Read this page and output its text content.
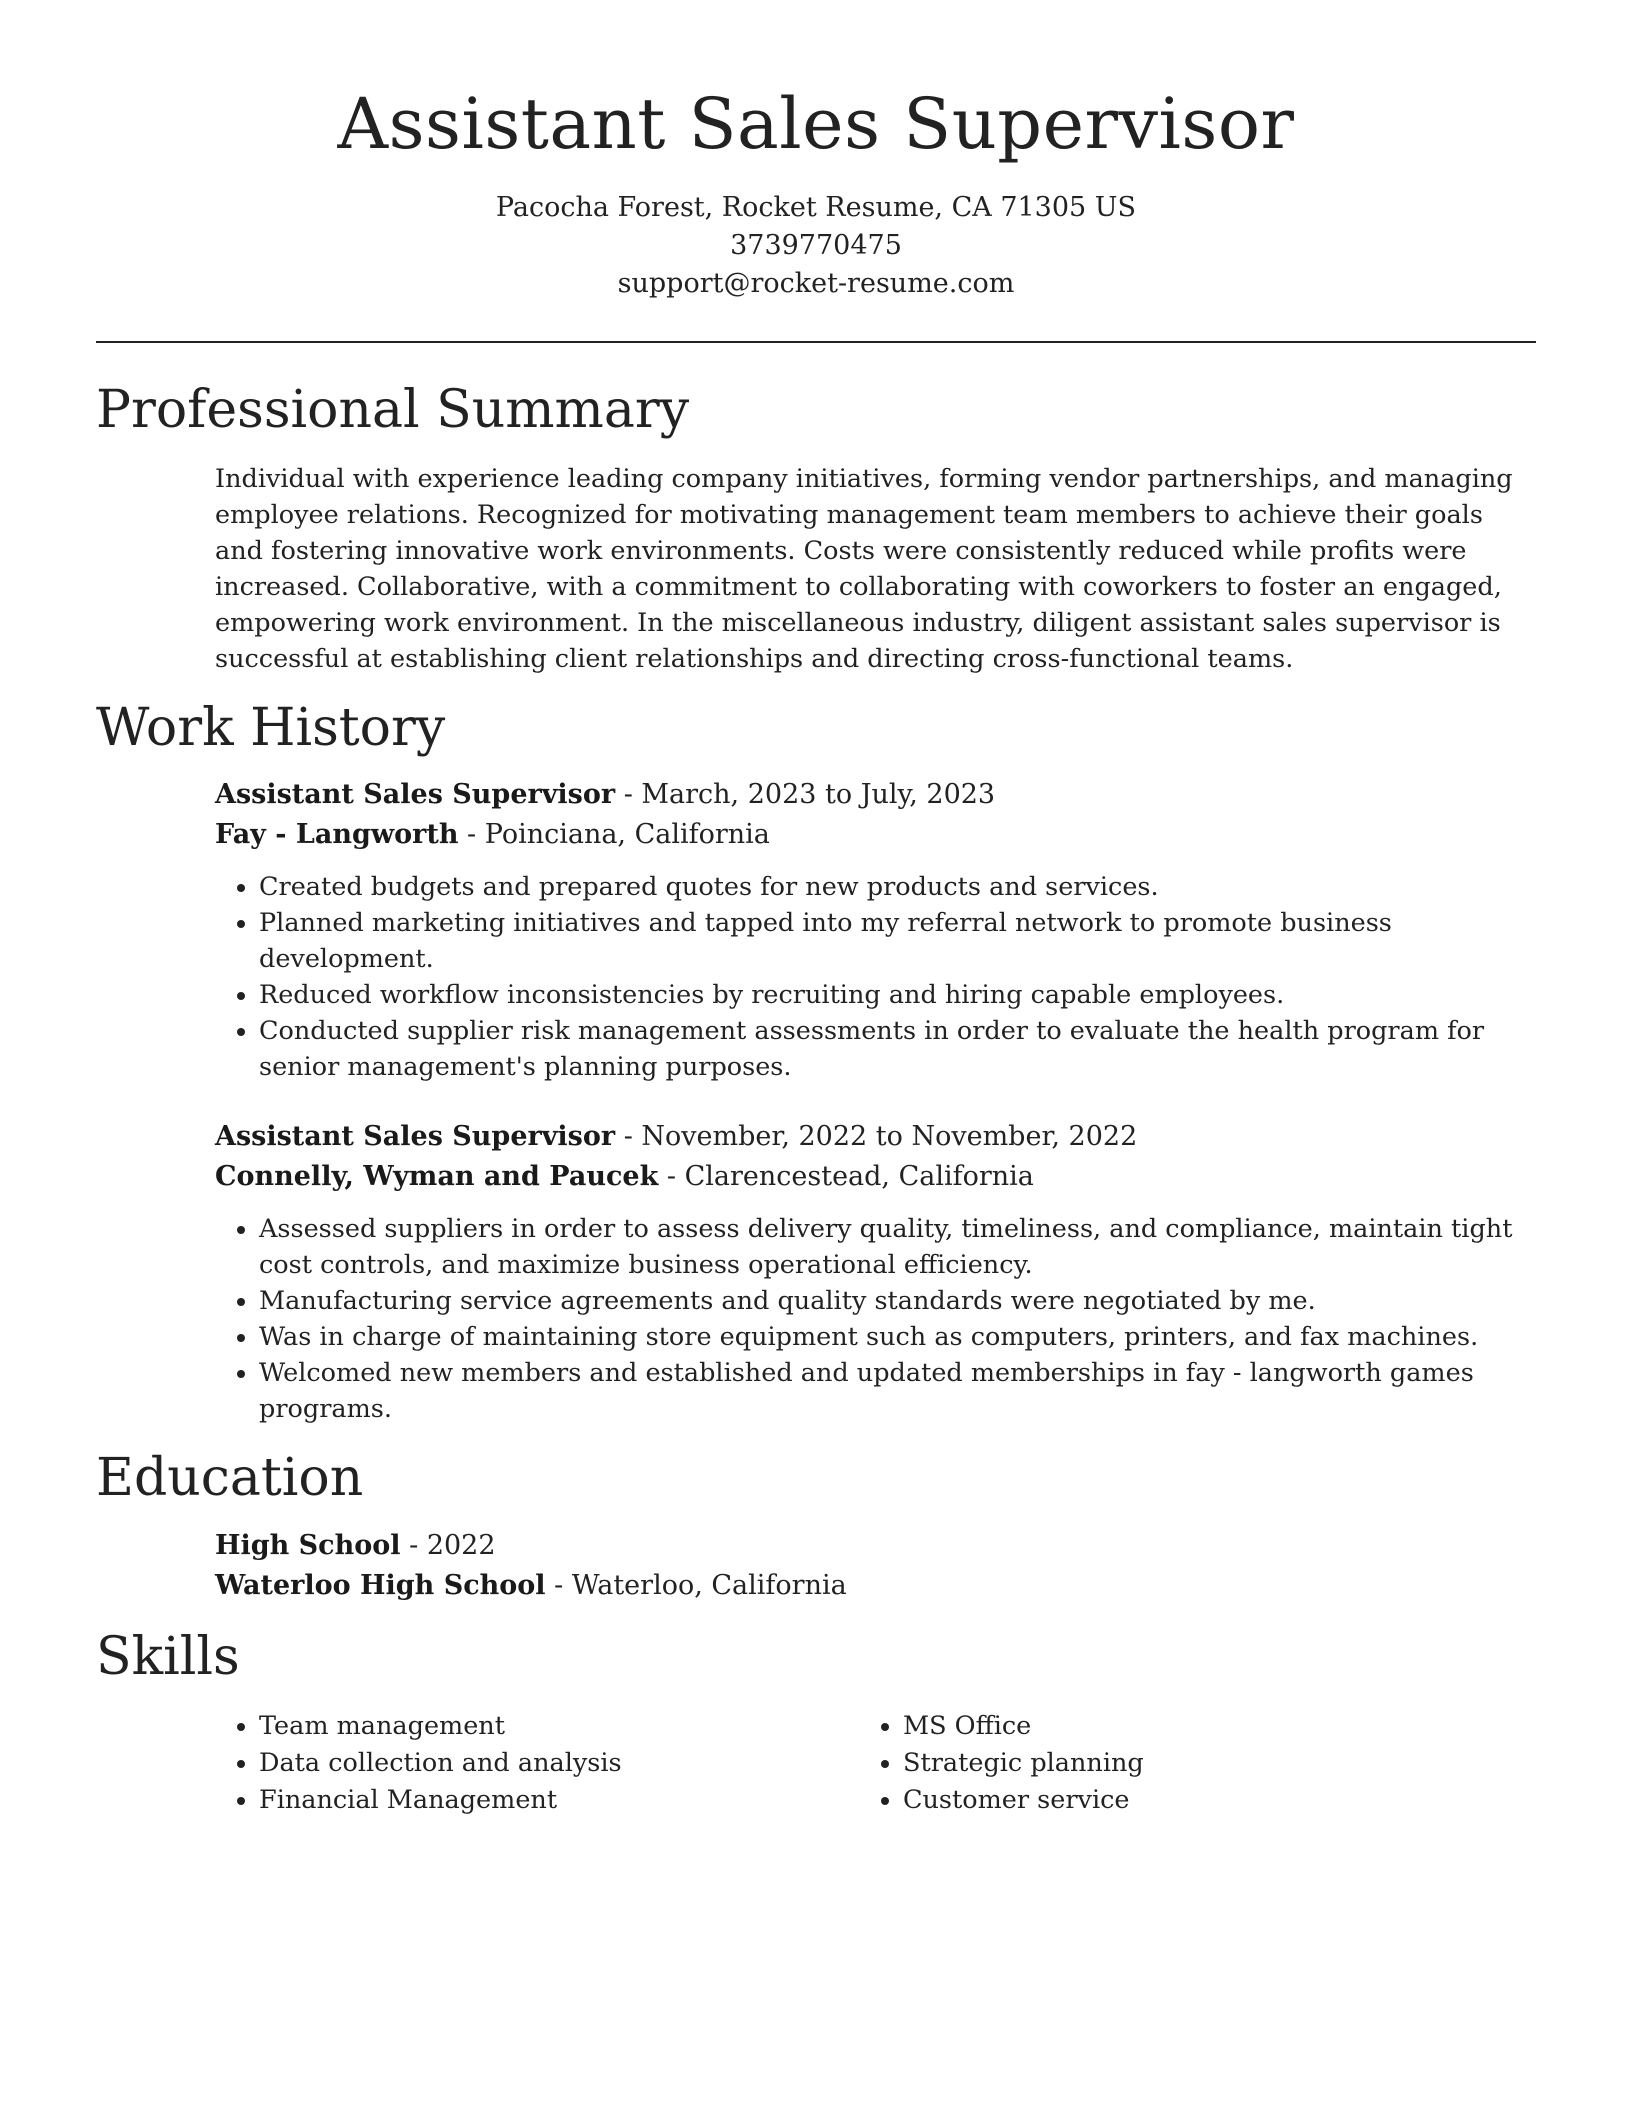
Assistant Sales Supervisor
Pacocha Forest, Rocket Resume, CA 71305 US
3739770475
support@rocket-resume.com
Professional Summary

Individual with experience leading company initiatives, forming vendor partnerships, and managing employee relations. Recognized for motivating management team members to achieve their goals and fostering innovative work environments. Costs were consistently reduced while profits were increased. Collaborative, with a commitment to collaborating with coworkers to foster an engaged, empowering work environment. In the miscellaneous industry, diligent assistant sales supervisor is successful at establishing client relationships and directing cross-functional teams.

Work History
Assistant Sales Supervisor - March, 2023 to July, 2023
Fay - Langworth - Poinciana, California
• Created budgets and prepared quotes for new products and services.
• Planned marketing initiatives and tapped into my referral network to promote business development.
• Reduced workflow inconsistencies by recruiting and hiring capable employees.
• Conducted supplier risk management assessments in order to evaluate the health program for senior management's planning purposes.
Assistant Sales Supervisor - November, 2022 to November, 2022
Connelly, Wyman and Paucek - Clarencestead, California
• Assessed suppliers in order to assess delivery quality, timeliness, and compliance, maintain tight cost controls, and maximize business operational efficiency.
• Manufacturing service agreements and quality standards were negotiated by me.
• Was in charge of maintaining store equipment such as computers, printers, and fax machines.
• Welcomed new members and established and updated memberships in fay - langworth games programs.
Education
High School - 2022
Waterloo High School - Waterloo, California
Skills
• Team management
• Data collection and analysis
• Financial Management
• MS Office
• Strategic planning
• Customer service
